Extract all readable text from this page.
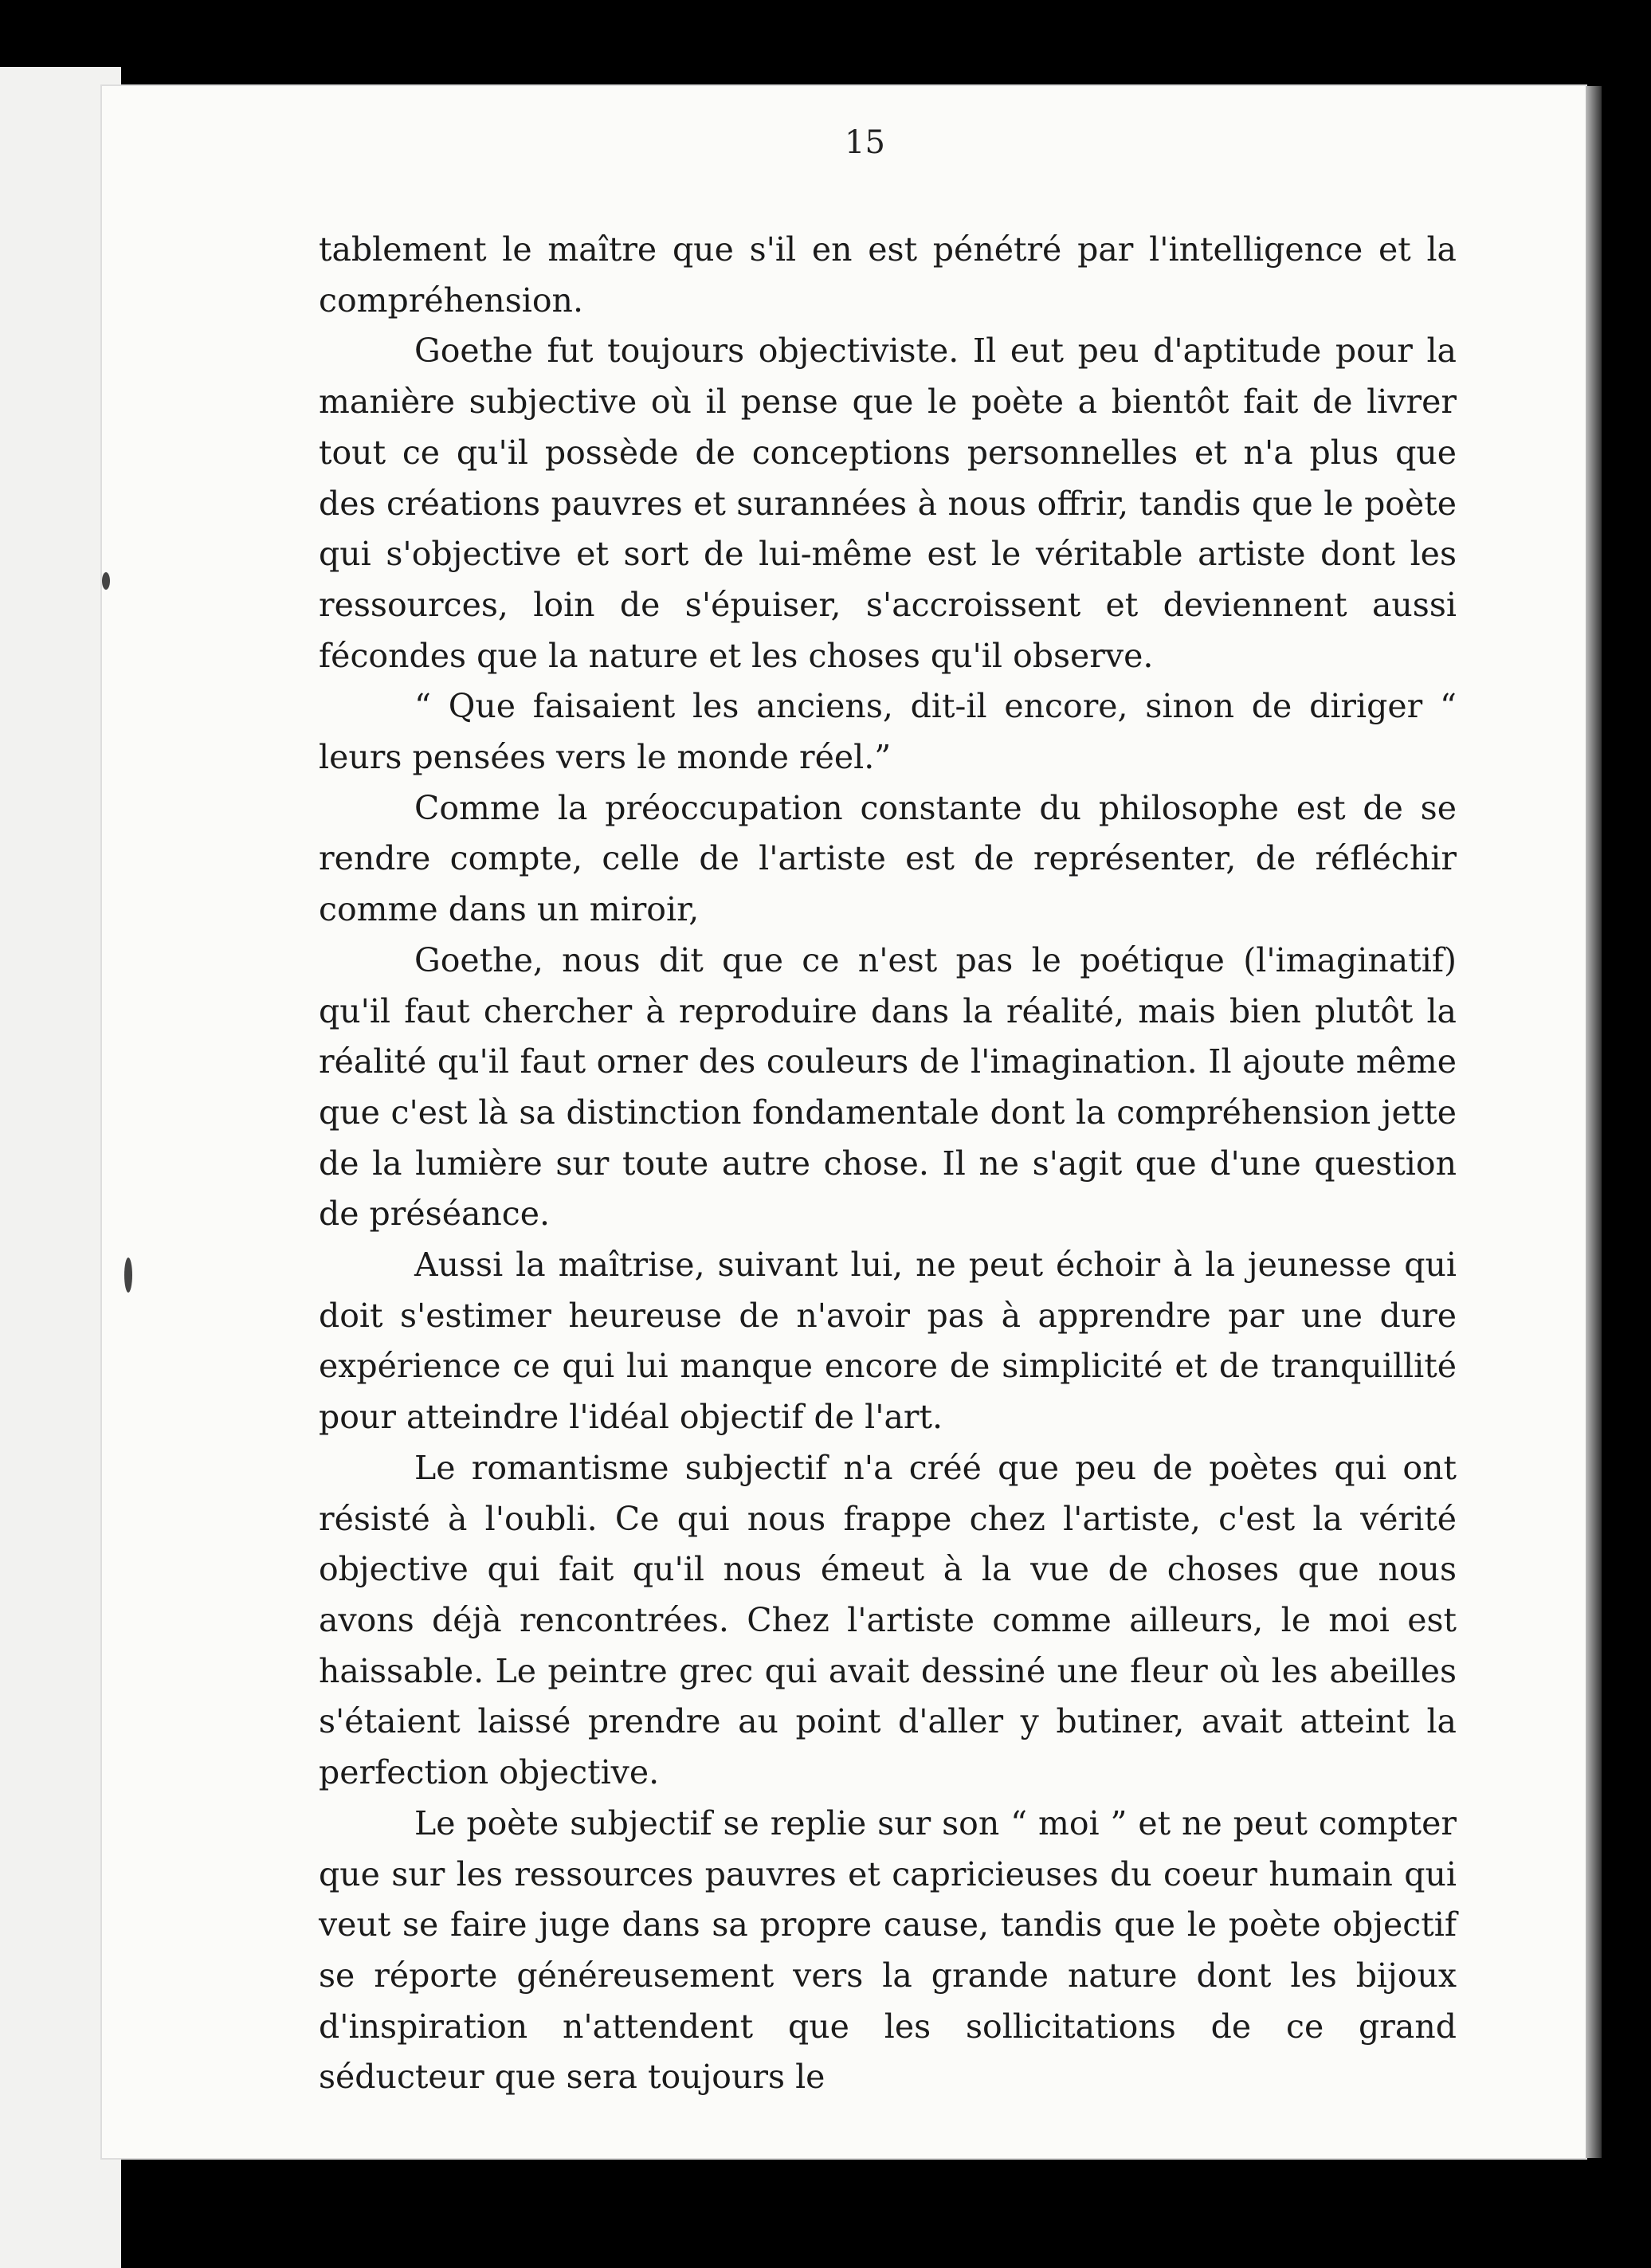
15

tablement le maître que s'il en est pénétré par l'intelligence et la compréhension.

Goethe fut toujours objectiviste. Il eut peu d'aptitude pour la manière subjective où il pense que le poète a bientôt fait de livrer tout ce qu'il possède de conceptions personnelles et n'a plus que des créations pauvres et surannées à nous offrir, tandis que le poète qui s'objective et sort de lui-même est le véritable artiste dont les ressources, loin de s'épuiser, s'accroissent et deviennent aussi fécondes que la nature et les choses qu'il observe.

“ Que faisaient les anciens, dit-il encore, sinon de diriger “ leurs pensées vers le monde réel.”

Comme la préoccupation constante du philosophe est de se rendre compte, celle de l'artiste est de représenter, de réfléchir comme dans un miroir,

Goethe, nous dit que ce n'est pas le poétique (l'imaginatif) qu'il faut chercher à reproduire dans la réalité, mais bien plutôt la réalité qu'il faut orner des couleurs de l'imagination. Il ajoute même que c'est là sa distinction fondamentale dont la compréhension jette de la lumière sur toute autre chose. Il ne s'agit que d'une question de préséance.

Aussi la maîtrise, suivant lui, ne peut échoir à la jeunesse qui doit s'estimer heureuse de n'avoir pas à apprendre par une dure expérience ce qui lui manque encore de simplicité et de tranquillité pour atteindre l'idéal objectif de l'art.

Le romantisme subjectif n'a créé que peu de poètes qui ont résisté à l'oubli. Ce qui nous frappe chez l'artiste, c'est la vérité objective qui fait qu'il nous émeut à la vue de choses que nous avons déjà rencontrées. Chez l'artiste comme ailleurs, le moi est haissable. Le peintre grec qui avait dessiné une fleur où les abeilles s'étaient laissé prendre au point d'aller y butiner, avait atteint la perfection objective.

Le poète subjectif se replie sur son “ moi ” et ne peut compter que sur les ressources pauvres et capricieuses du coeur humain qui veut se faire juge dans sa propre cause, tandis que le poète objectif se réporte généreusement vers la grande nature dont les bijoux d'inspiration n'attendent que les sollicitations de ce grand séducteur que sera toujours le
